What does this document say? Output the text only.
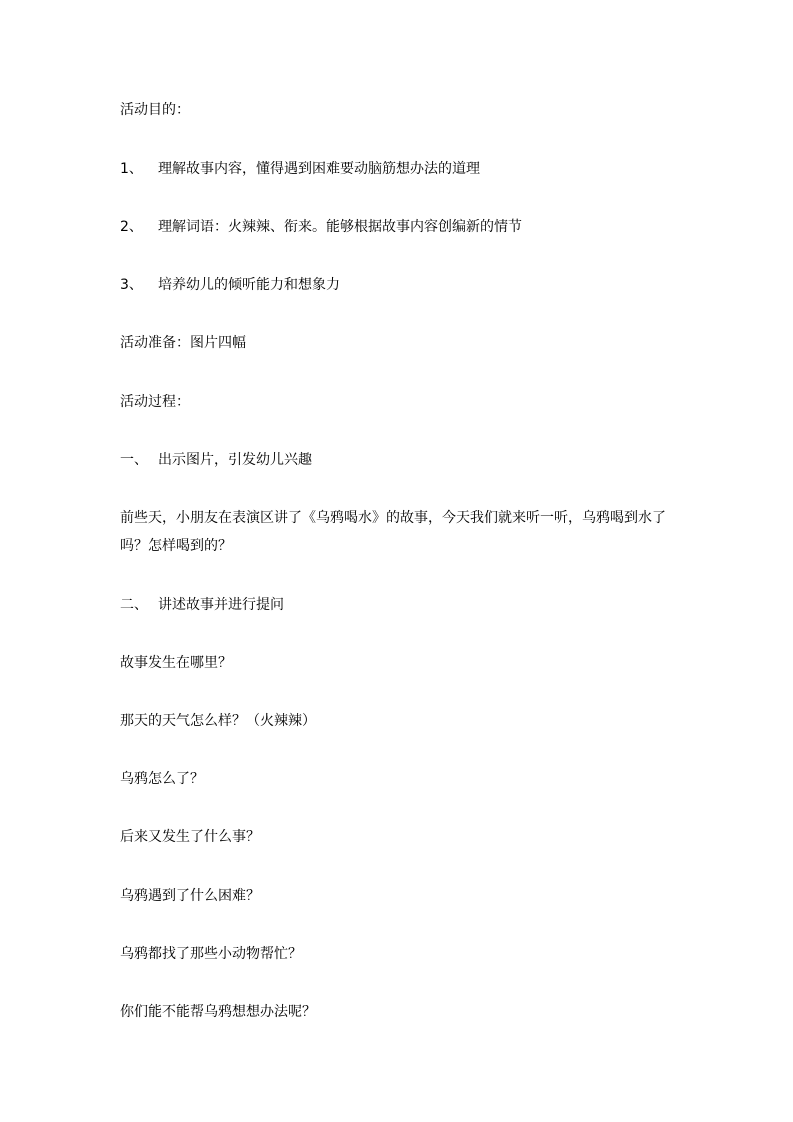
活动目的：
1、 理解故事内容，懂得遇到困难要动脑筋想办法的道理
2、 理解词语：火辣辣、衔来。能够根据故事内容创编新的情节
3、 培养幼儿的倾听能力和想象力
活动准备：图片四幅
活动过程：
一、 出示图片，引发幼儿兴趣
前些天，小朋友在表演区讲了《乌鸦喝水》的故事，今天我们就来听一听，乌鸦喝到水了吗？怎样喝到的？
二、 讲述故事并进行提问
故事发生在哪里？
那天的天气怎么样？（火辣辣）
乌鸦怎么了？
后来又发生了什么事？
乌鸦遇到了什么困难？
乌鸦都找了那些小动物帮忙？
你们能不能帮乌鸦想想办法呢？
